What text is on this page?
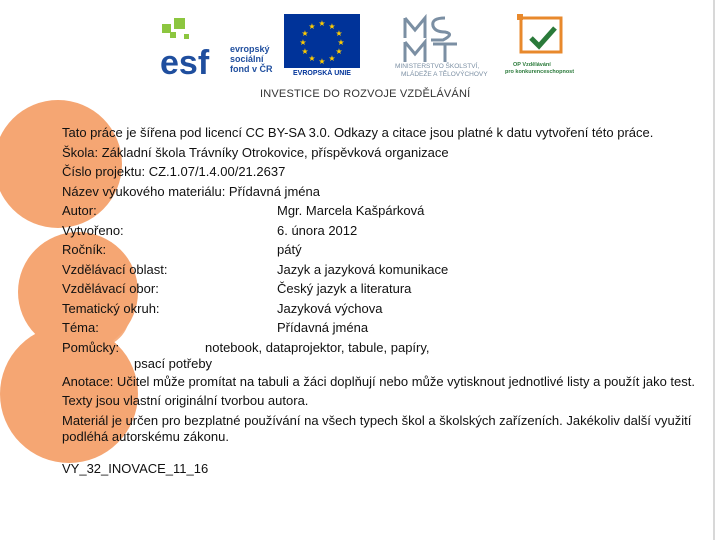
esf evropský
sociální
fond v ČR
★ ★
★
★
★
★
★
★
★
★
★
★
EVROPSKÁ UNIE
MINISTERSTVO ŠKOLSTVÍ,
MLÁDEŽE A TĚLOVÝCHOVY
OP Vzdělávání
pro konkurenceschopnost
INVESTICE DO ROZVOJE VZDĚLÁVÁNÍ
Tato práce je šířena pod licencí CC BY-SA 3.0. Odkazy a citace jsou platné k datu vytvoření této práce.
Škola: Základní škola Trávníky Otrokovice, příspěvková organizace
Číslo projektu: CZ.1.07/1.4.00/21.2637
Název výukového materiálu: Přídavná jména
Autor:	Mgr. Marcela Kašpárková
Vytvořeno:	6. února 2012
Ročník:	pátý
Vzdělávací oblast:	Jazyk a jazyková komunikace
Vzdělávací obor:	Český jazyk a literatura
Tematický okruh:	Jazyková výchova
Téma:	Přídavná jména
Pomůcky:	notebook, dataprojektor, tabule, papíry,
psací potřeby
Anotace: Učitel může promítat na tabuli a žáci doplňují nebo může vytisknout jednotlivé listy a použít jako test.
Texty jsou vlastní originální tvorbou autora.
Materiál je určen pro bezplatné používání na všech typech škol a školských zařízeních. Jakékoliv další využití podléhá autorskému zákonu.
VY_32_INOVACE_11_16
